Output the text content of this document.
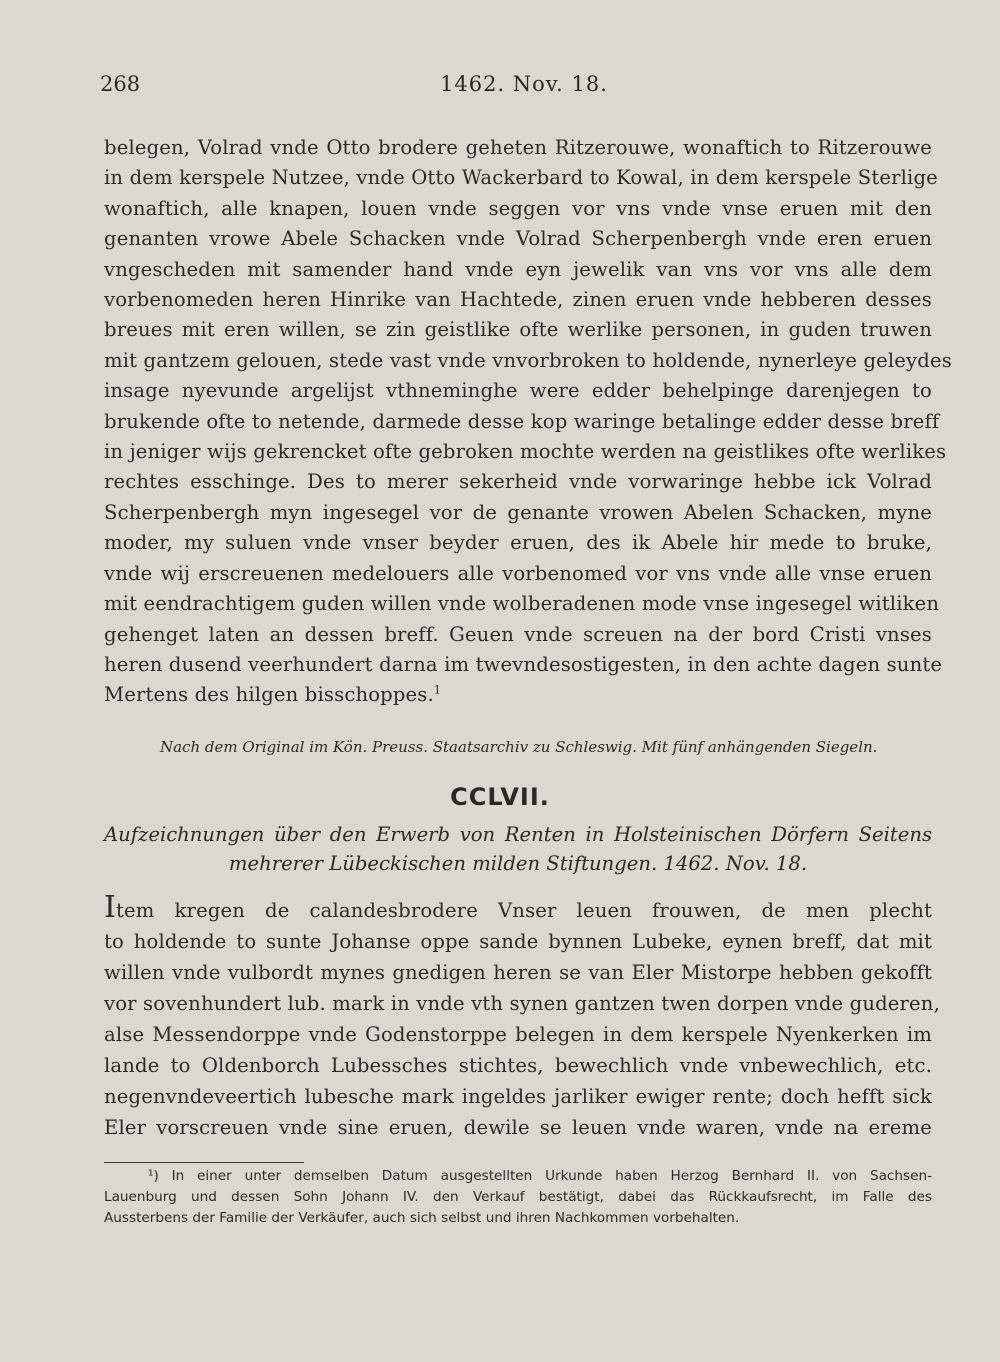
268	1462. Nov. 18.
belegen, Volrad vnde Otto brodere geheten Ritzerouwe, wonaftich to Ritzerouwe
in dem kerspele Nutzee, vnde Otto Wackerbard to Kowal, in dem kerspele Sterlige
wonaftich, alle knapen, louen vnde seggen vor vns vnde vnse eruen mit den
genanten vrowe Abele Schacken vnde Volrad Scherpenbergh vnde eren eruen
vngescheden mit samender hand vnde eyn jewelik van vns vor vns alle dem
vorbenomeden heren Hinrike van Hachtede, zinen eruen vnde hebberen desses
breues mit eren willen, se zin geistlike ofte werlike personen, in guden truwen
mit gantzem gelouen, stede vast vnde vnvorbroken to holdende, nynerleye geleydes
insage nyevunde argelijst vthneminghe were edder behelpinge darenjegen to
brukende ofte to netende, darmede desse kop waringe betalinge edder desse breff
in jeniger wijs gekrencket ofte gebroken mochte werden na geistlikes ofte werlikes
rechtes esschinge. Des to merer sekerheid vnde vorwaringe hebbe ick Volrad
Scherpenbergh myn ingesegel vor de genante vrowen Abelen Schacken, myne
moder, my suluen vnde vnser beyder eruen, des ik Abele hir mede to bruke,
vnde wij erscreuenen medelouers alle vorbenomed vor vns vnde alle vnse eruen
mit eendrachtigem guden willen vnde wolberadenen mode vnse ingesegel witliken
gehenget laten an dessen breff. Geuen vnde screuen na der bord Cristi vnses
heren dusend veerhundert darna im twevndesostigesten, in den achte dagen sunte
Mertens des hilgen bisschoppes.$^1$
Nach dem Original im Kön. Preuss. Staatsarchiv zu Schleswig. Mit fünf anhängenden Siegeln.
CCLVII.
Aufzeichnungen über den Erwerb von Renten in Holsteinischen Dörfern Seitens
mehrerer Lübeckischen milden Stiftungen. 1462. Nov. 18.
Item kregen de calandesbrodere Vnser leuen frouwen, de men plecht
to holdende to sunte Johanse oppe sande bynnen Lubeke, eynen breff, dat mit
willen vnde vulbordt mynes gnedigen heren se van Eler Mistorpe hebben gekofft
vor sovenhundert lub. mark in vnde vth synen gantzen twen dorpen vnde guderen,
alse Messendorppe vnde Godenstorppe belegen in dem kerspele Nyenkerken im
lande to Oldenborch Lubessches stichtes, bewechlich vnde vnbewechlich, etc.
negenvndeveertich lubesche mark ingeldes jarliker ewiger rente; doch hefft sick
Eler vorscreuen vnde sine eruen, dewile se leuen vnde waren, vnde na ereme
¹) In einer unter demselben Datum ausgestellten Urkunde haben Herzog Bernhard II. von Sachsen-
Lauenburg und dessen Sohn Johann IV. den Verkauf bestätigt, dabei das Rückkaufsrecht, im Falle des
Aussterbens der Familie der Verkäufer, auch sich selbst und ihren Nachkommen vorbehalten.
